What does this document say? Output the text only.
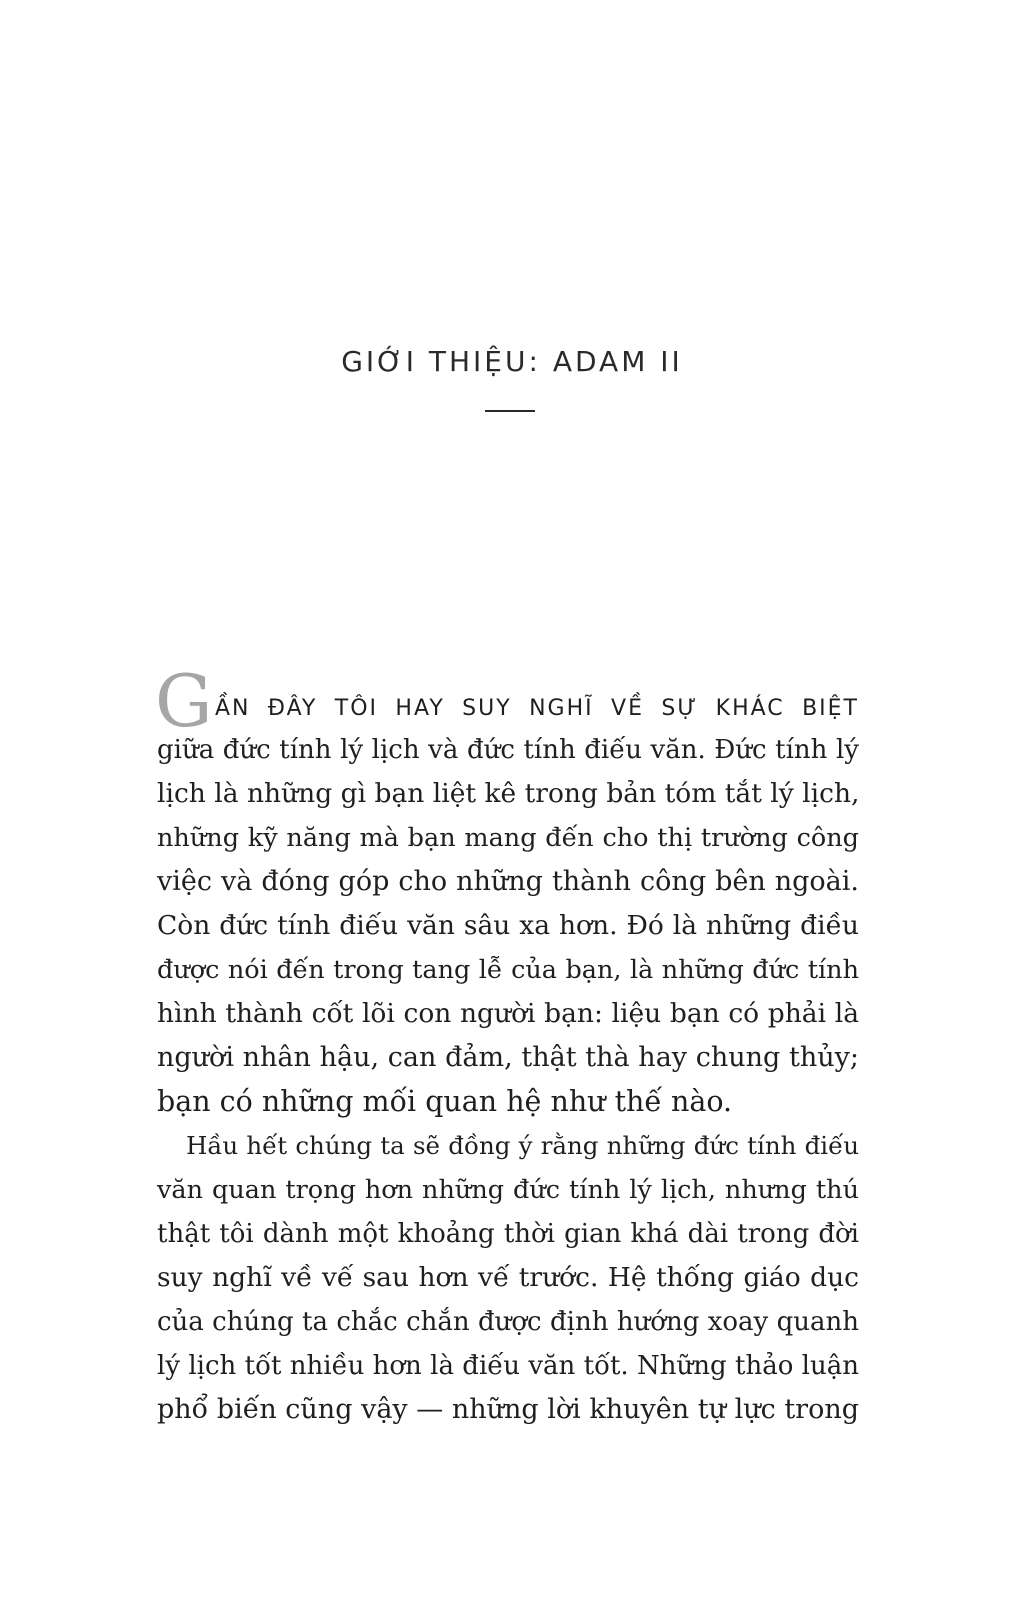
GIỚI THIỆU: ADAM II
G ẦN ĐÂY TÔI HAY SUY NGHĨ VỀ SỰ KHÁC BIỆT
giữa đức tính lý lịch và đức tính điếu văn. Đức tính lý
lịch là những gì bạn liệt kê trong bản tóm tắt lý lịch,
những kỹ năng mà bạn mang đến cho thị trường công
việc và đóng góp cho những thành công bên ngoài.
Còn đức tính điếu văn sâu xa hơn. Đó là những điều
được nói đến trong tang lễ của bạn, là những đức tính
hình thành cốt lõi con người bạn: liệu bạn có phải là
người nhân hậu, can đảm, thật thà hay chung thủy;
bạn có những mối quan hệ như thế nào.
Hầu hết chúng ta sẽ đồng ý rằng những đức tính điếu
văn quan trọng hơn những đức tính lý lịch, nhưng thú
thật tôi dành một khoảng thời gian khá dài trong đời
suy nghĩ về vế sau hơn vế trước. Hệ thống giáo dục
của chúng ta chắc chắn được định hướng xoay quanh
lý lịch tốt nhiều hơn là điếu văn tốt. Những thảo luận
phổ biến cũng vậy — những lời khuyên tự lực trong
